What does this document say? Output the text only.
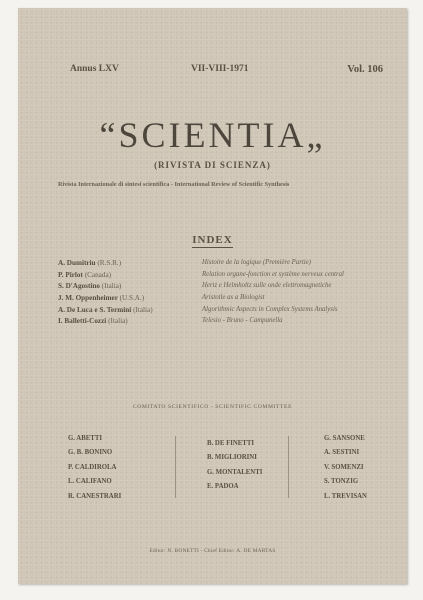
Annus LXV	VII-VIII-1971	Vol. 106
“SCIENTIA„
(RIVISTA DI SCIENZA)
Rivista Internazionale di sintesi scientifica - International Review of Scientific Synthesis
INDEX
A. Dumitriu (R.S.R.)	Histoire de la logique (Première Partie)
P. Pirlot (Canada)	Relation organe-fonction et système nerveux central
S. D'Agostino (Italia)	Hertz e Helmholtz sulle onde elettromagnetiche
J. M. Oppenheimer (U.S.A.)	Aristotle as a Biologist
A. De Luca e S. Termini (Italia)	Algorithmic Aspects in Complex Systems Analysis
I. Balletti-Cozzi (Italia)	Telesio - Bruno - Campanella
COMITATO SCIENTIFICO - SCIENTIFIC COMMITTEE
G. ABETTI
G. B. BONINO
P. CALDIROLA
L. CALIFANO
R. CANESTRARI
B. DE FINETTI
B. MIGLIORINI
G. MONTALENTI
E. PADOA
G. SANSONE
A. SESTINI
V. SOMENZI
S. TONZIG
L. TREVISAN
Editor: N. BONETTI - Chief Editor: A. DE MARTAS
